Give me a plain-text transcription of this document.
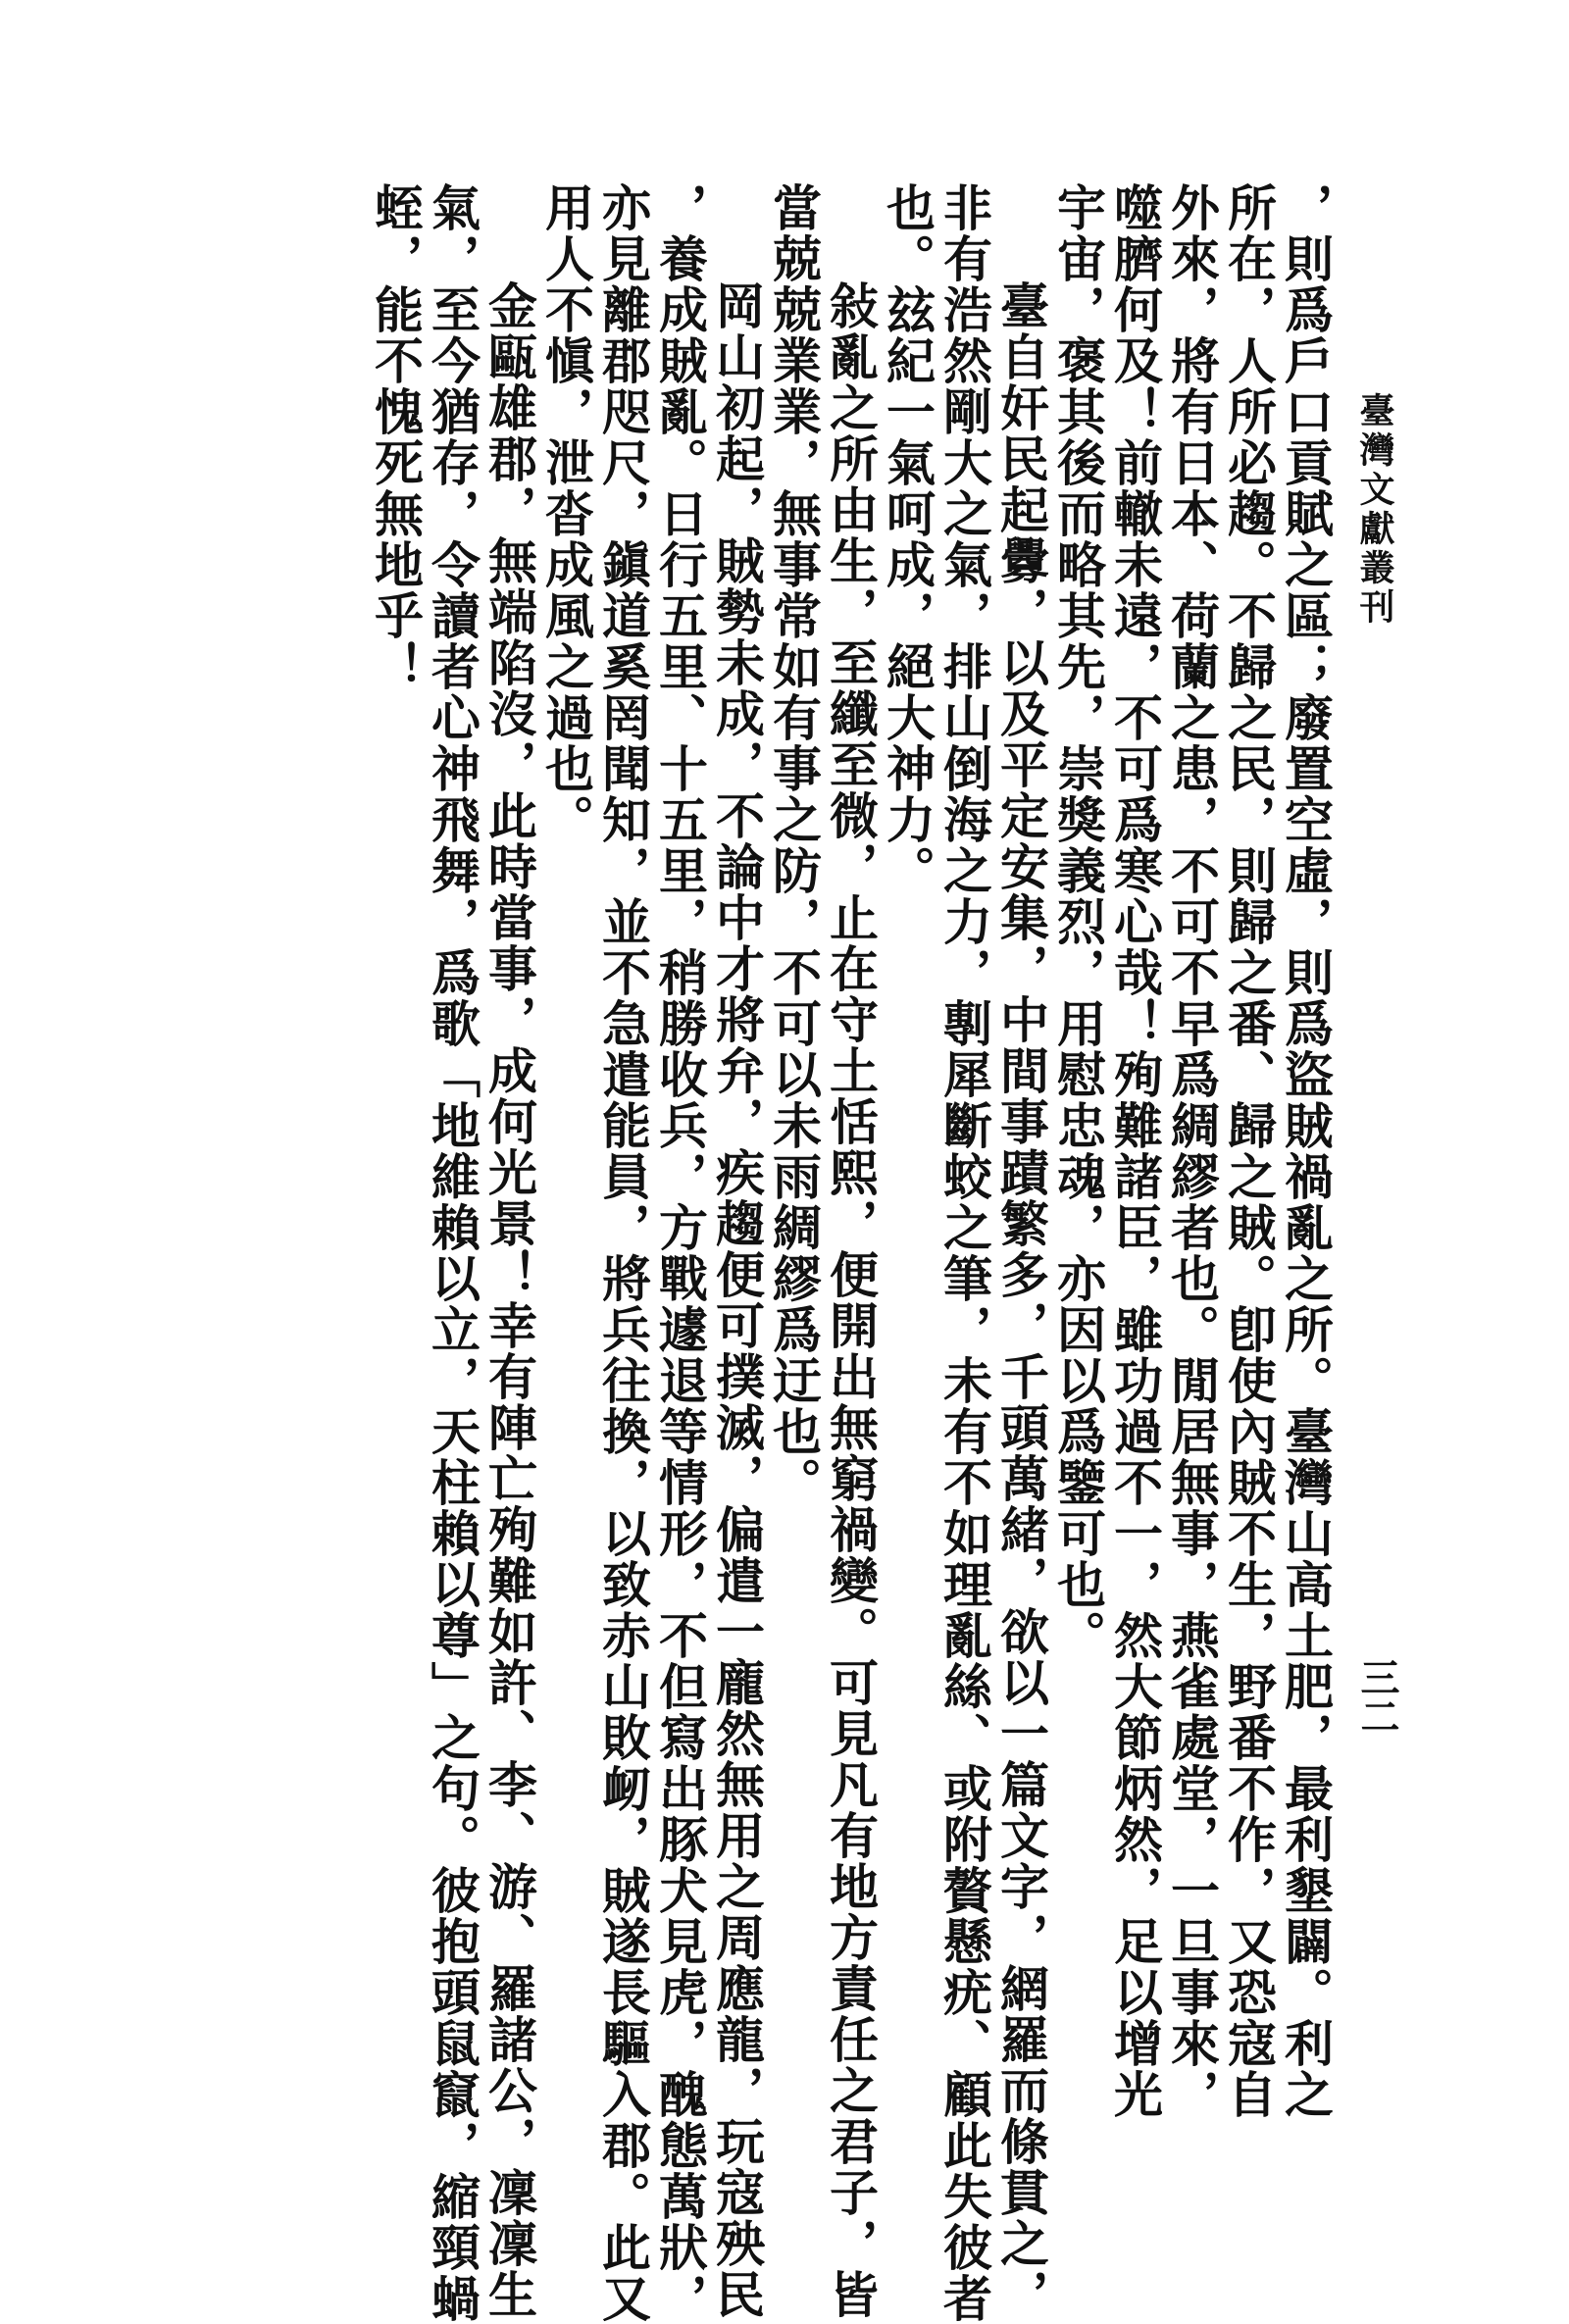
臺灣文獻叢刊
三二
，則爲戶口貢賦之區；廢置空虛，則爲盜賊禍亂之所。臺灣山高土肥，最利墾闢。利之
所在，人所必趨。不歸之民，則歸之番、歸之賊。卽使內賊不生，野番不作，又恐寇自
外來，將有日本、荷蘭之患，不可不早爲綢繆者也。閒居無事，燕雀處堂，一旦事來，
噬臍何及！前轍未遠，不可爲寒心哉！殉難諸臣，雖功過不一，然大節炳然，足以增光
宇宙，褒其後而略其先，崇獎義烈，用慰忠魂，亦因以爲鑒可也。
臺自奸民起釁，以及平定安集，中間事蹟繁多，千頭萬緒，欲以一篇文字，網羅而條貫之，
非有浩然剛大之氣，排山倒海之力，剸犀斷蛟之筆，未有不如理亂絲、或附贅懸疣、顧此失彼者
也。玆紀一氣呵成，絕大神力。
敍亂之所由生，至纖至微，止在守土恬熙，便開出無窮禍變。可見凡有地方責任之君子，皆
當兢兢業業，無事常如有事之防，不可以未雨綢繆爲迂也。
岡山初起，賊勢未成，不論中才將弁，疾趨便可撲滅，偏遣一龐然無用之周應龍，玩寇殃民
，養成賊亂。日行五里、十五里，稍勝收兵，方戰遽退等情形，不但寫出豚犬見虎，醜態萬狀，
亦見離郡咫尺，鎭道奚罔聞知，並不急遣能員，將兵往換，以致赤山敗衂，賊遂長驅入郡。此又
用人不愼，泄沓成風之過也。
金甌雄郡，無端陷沒，此時當事，成何光景！幸有陣亡殉難如許、李、游、羅諸公，凜凜生
氣，至今猶存，令讀者心神飛舞，爲歌「地維賴以立，天柱賴以尊」之句。彼抱頭鼠竄，縮頸蝸
蛭，能不愧死無地乎！
